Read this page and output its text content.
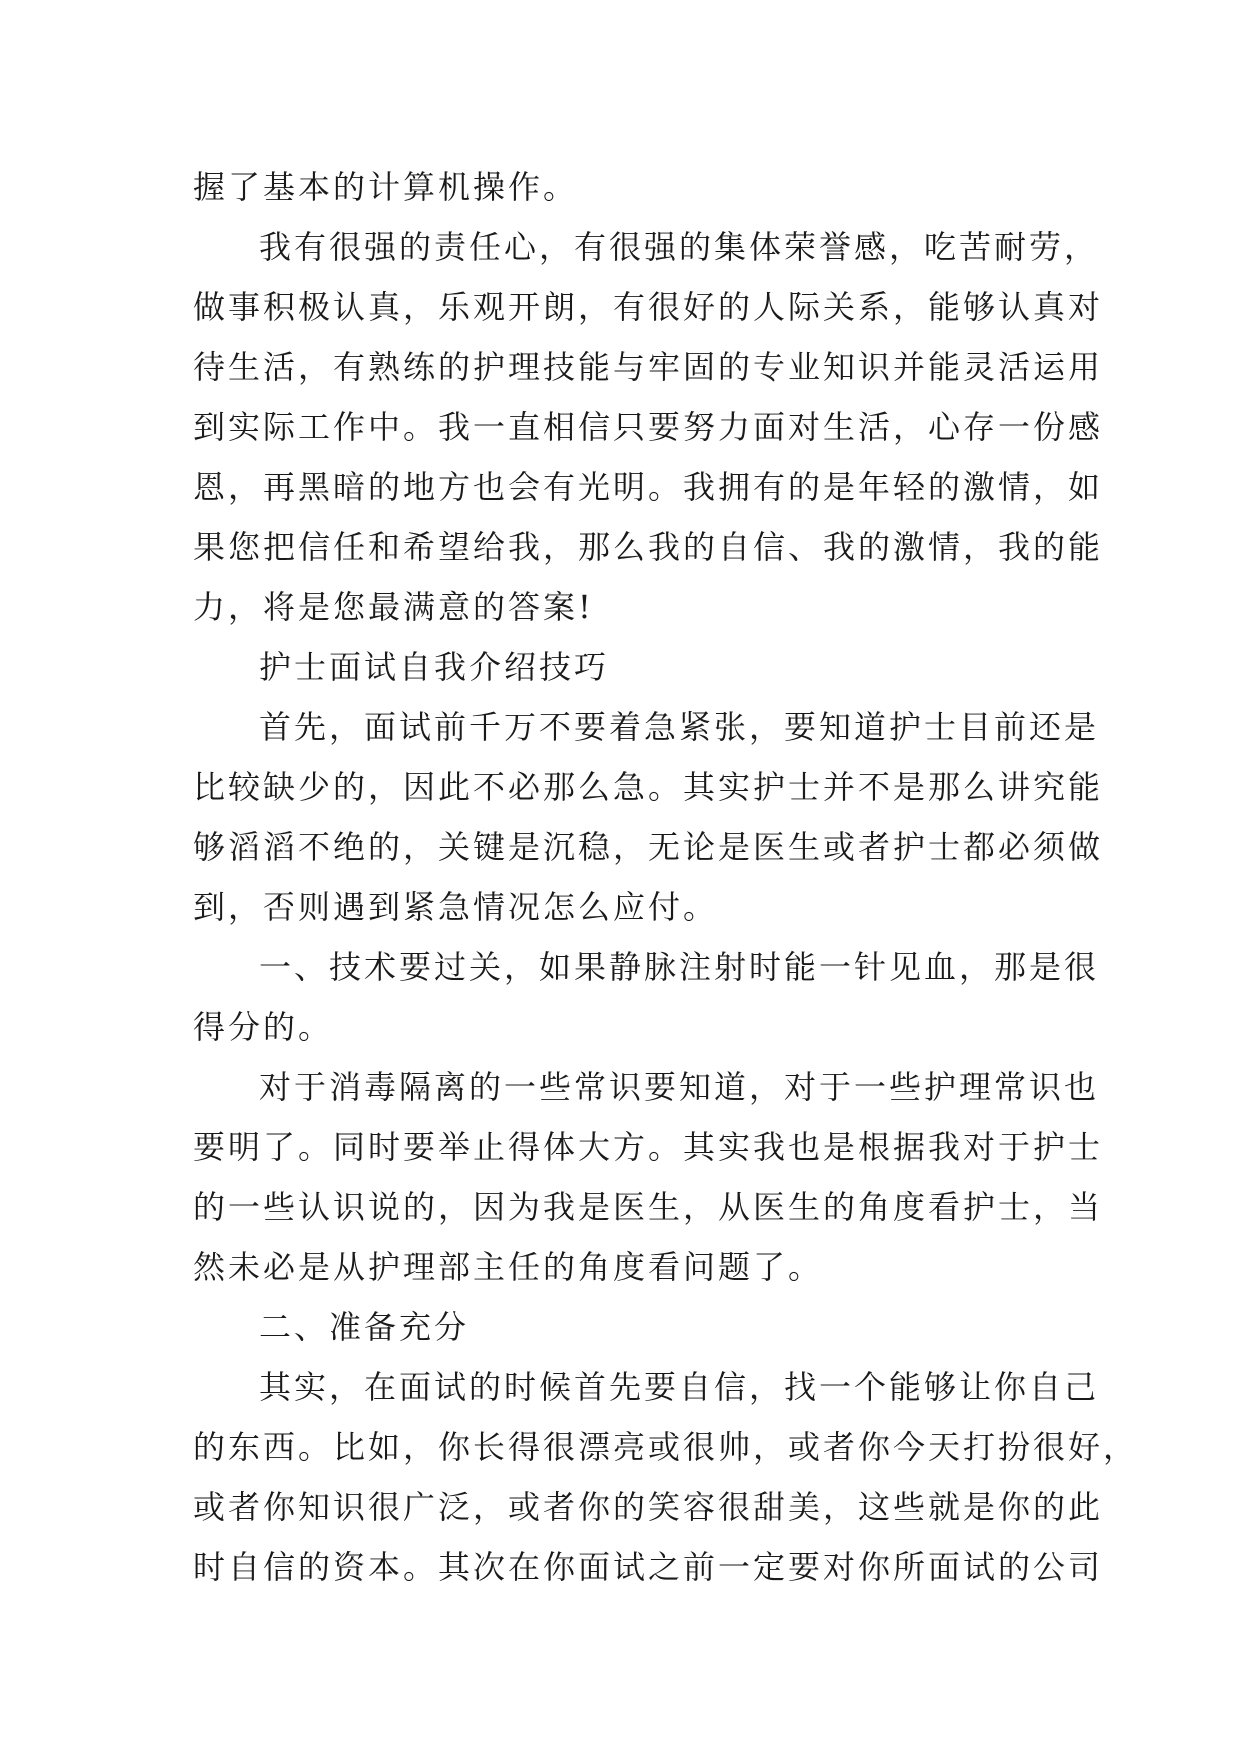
握了基本的计算机操作。
我有很强的责任心，有很强的集体荣誉感，吃苦耐劳，
做事积极认真，乐观开朗，有很好的人际关系，能够认真对
待生活，有熟练的护理技能与牢固的专业知识并能灵活运用
到实际工作中。我一直相信只要努力面对生活，心存一份感
恩，再黑暗的地方也会有光明。我拥有的是年轻的激情，如
果您把信任和希望给我，那么我的自信、我的激情，我的能
力，将是您最满意的答案!
护士面试自我介绍技巧
首先，面试前千万不要着急紧张，要知道护士目前还是
比较缺少的，因此不必那么急。其实护士并不是那么讲究能
够滔滔不绝的，关键是沉稳，无论是医生或者护士都必须做
到，否则遇到紧急情况怎么应付。
一、技术要过关，如果静脉注射时能一针见血，那是很
得分的。
对于消毒隔离的一些常识要知道，对于一些护理常识也
要明了。同时要举止得体大方。其实我也是根据我对于护士
的一些认识说的，因为我是医生，从医生的角度看护士，当
然未必是从护理部主任的角度看问题了。
二、准备充分
其实，在面试的时候首先要自信，找一个能够让你自己
的东西。比如，你长得很漂亮或很帅，或者你今天打扮很好，
或者你知识很广泛，或者你的笑容很甜美，这些就是你的此
时自信的资本。其次在你面试之前一定要对你所面试的公司
